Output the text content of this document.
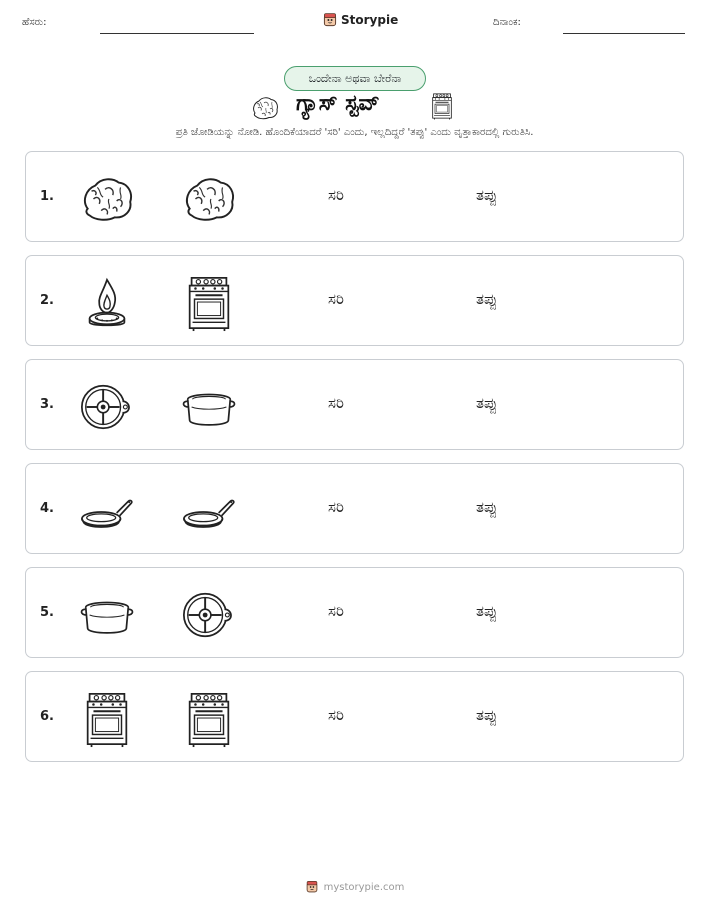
ಹೆಸರು:	Storypie	ದಿನಾಂಕ:
ಒಂದೇನಾ ಅಥವಾ ಬೇರೆನಾ
ಗ್ಯಾಸ್ ಸ್ಟವ್
ಪ್ರತಿ ಜೋಡಿಯನ್ನು ನೋಡಿ. ಹೊಂದಿಕೆಯಾದರೆ 'ಸರಿ' ಎಂದು, ಇಲ್ಲದಿದ್ದರೆ 'ತಪ್ಪು' ಎಂದು ವೃತ್ತಾಕಾರದಲ್ಲಿ ಗುರುತಿಸಿ.
1.	ಸರಿ	ತಪ್ಪು
2.	ಸರಿ	ತಪ್ಪು
3.	ಸರಿ	ತಪ್ಪು
4.	ಸರಿ	ತಪ್ಪು
5.	ಸರಿ	ತಪ್ಪು
6.	ಸರಿ	ತಪ್ಪು
mystorypie.com
